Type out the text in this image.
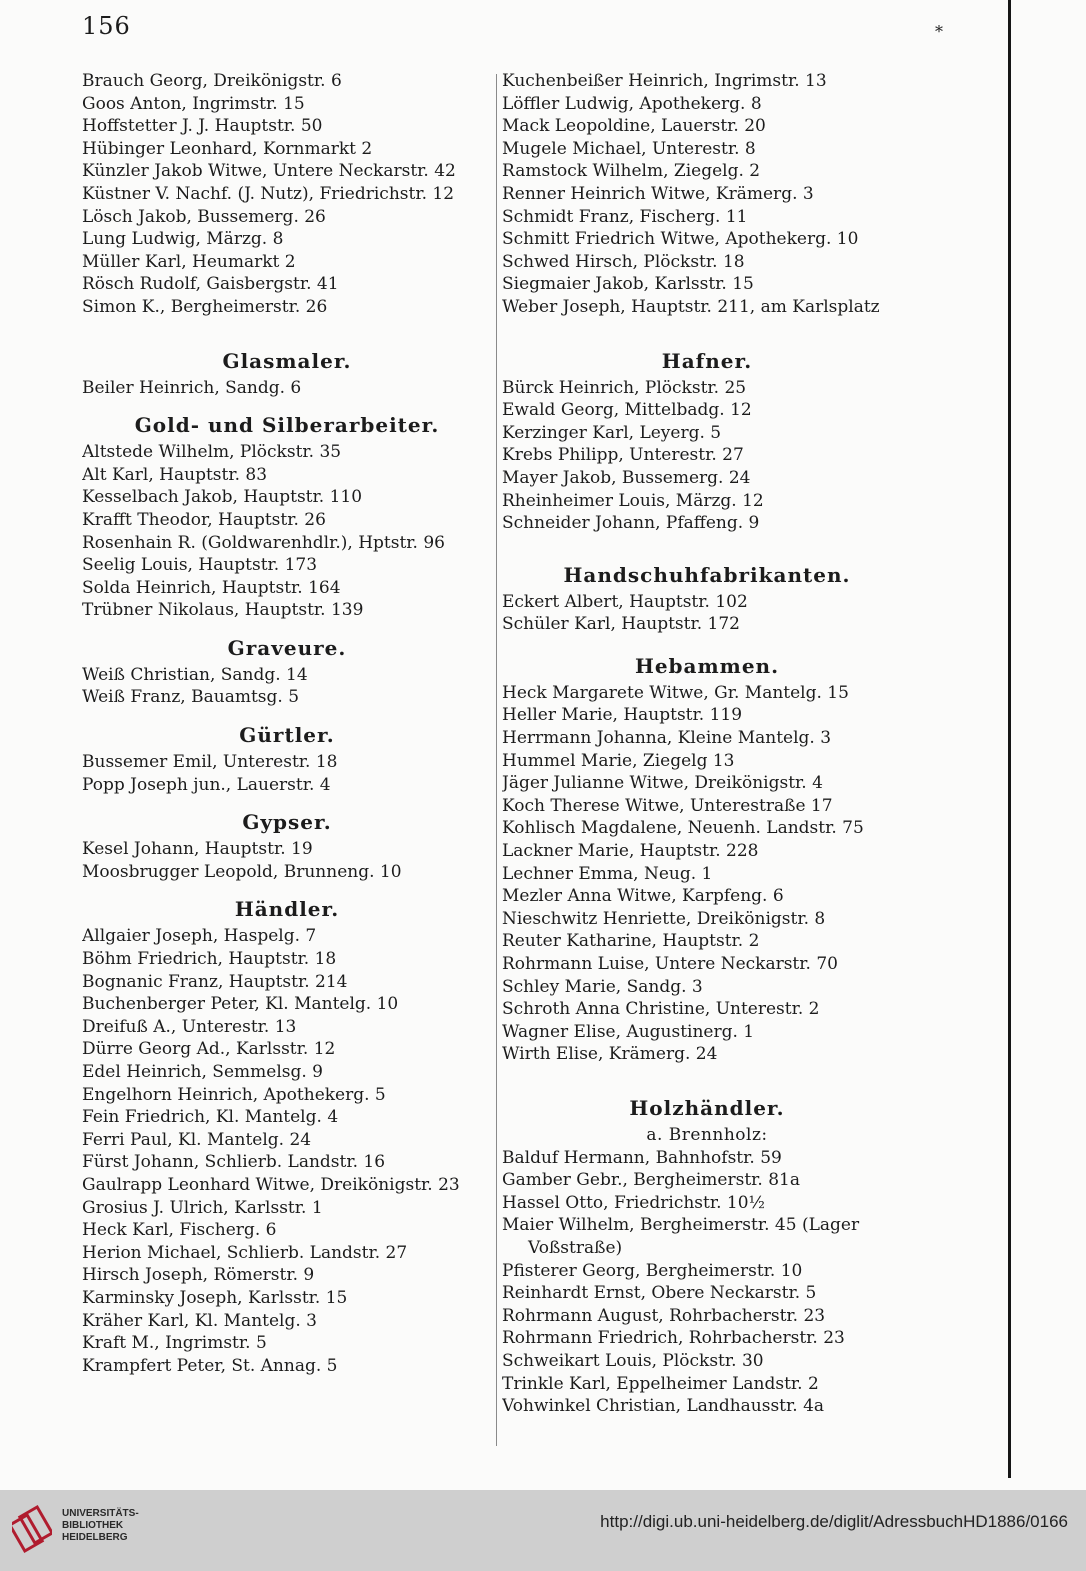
156	*
Brauch Georg, Dreikönigstr. 6
Goos Anton, Ingrimstr. 15
Hoffstetter J. J. Hauptstr. 50
Hübinger Leonhard, Kornmarkt 2
Künzler Jakob Witwe, Untere Neckarstr. 42
Küstner V. Nachf. (J. Nutz), Friedrichstr. 12
Lösch Jakob, Bussemerg. 26
Lung Ludwig, Märzg. 8
Müller Karl, Heumarkt 2
Rösch Rudolf, Gaisbergstr. 41
Simon K., Bergheimerstr. 26
Glasmaler.
Beiler Heinrich, Sandg. 6
Gold- und Silberarbeiter.
Altstede Wilhelm, Plöckstr. 35
Alt Karl, Hauptstr. 83
Kesselbach Jakob, Hauptstr. 110
Krafft Theodor, Hauptstr. 26
Rosenhain R. (Goldwarenhdlr.), Hptstr. 96
Seelig Louis, Hauptstr. 173
Solda Heinrich, Hauptstr. 164
Trübner Nikolaus, Hauptstr. 139
Graveure.
Weiß Christian, Sandg. 14
Weiß Franz, Bauamtsg. 5
Gürtler.
Bussemer Emil, Unterestr. 18
Popp Joseph jun., Lauerstr. 4
Gypser.
Kesel Johann, Hauptstr. 19
Moosbrugger Leopold, Brunneng. 10
Händler.
Allgaier Joseph, Haspelg. 7
Böhm Friedrich, Hauptstr. 18
Bognanic Franz, Hauptstr. 214
Buchenberger Peter, Kl. Mantelg. 10
Dreifuß A., Unterestr. 13
Dürre Georg Ad., Karlsstr. 12
Edel Heinrich, Semmelsg. 9
Engelhorn Heinrich, Apothekerg. 5
Fein Friedrich, Kl. Mantelg. 4
Ferri Paul, Kl. Mantelg. 24
Fürst Johann, Schlierb. Landstr. 16
Gaulrapp Leonhard Witwe, Dreikönigstr. 23
Grosius J. Ulrich, Karlsstr. 1
Heck Karl, Fischerg. 6
Herion Michael, Schlierb. Landstr. 27
Hirsch Joseph, Römerstr. 9
Karminsky Joseph, Karlsstr. 15
Kräher Karl, Kl. Mantelg. 3
Kraft M., Ingrimstr. 5
Krampfert Peter, St. Annag. 5
Kuchenbeißer Heinrich, Ingrimstr. 13
Löffler Ludwig, Apothekerg. 8
Mack Leopoldine, Lauerstr. 20
Mugele Michael, Unterestr. 8
Ramstock Wilhelm, Ziegelg. 2
Renner Heinrich Witwe, Krämerg. 3
Schmidt Franz, Fischerg. 11
Schmitt Friedrich Witwe, Apothekerg. 10
Schwed Hirsch, Plöckstr. 18
Siegmaier Jakob, Karlsstr. 15
Weber Joseph, Hauptstr. 211, am Karlsplatz
Hafner.
Bürck Heinrich, Plöckstr. 25
Ewald Georg, Mittelbadg. 12
Kerzinger Karl, Leyerg. 5
Krebs Philipp, Unterestr. 27
Mayer Jakob, Bussemerg. 24
Rheinheimer Louis, Märzg. 12
Schneider Johann, Pfaffeng. 9
Handschuhfabrikanten.
Eckert Albert, Hauptstr. 102
Schüler Karl, Hauptstr. 172
Hebammen.
Heck Margarete Witwe, Gr. Mantelg. 15
Heller Marie, Hauptstr. 119
Herrmann Johanna, Kleine Mantelg. 3
Hummel Marie, Ziegelg 13
Jäger Julianne Witwe, Dreikönigstr. 4
Koch Therese Witwe, Unterestraße 17
Kohlisch Magdalene, Neuenh. Landstr. 75
Lackner Marie, Hauptstr. 228
Lechner Emma, Neug. 1
Mezler Anna Witwe, Karpfeng. 6
Nieschwitz Henriette, Dreikönigstr. 8
Reuter Katharine, Hauptstr. 2
Rohrmann Luise, Untere Neckarstr. 70
Schley Marie, Sandg. 3
Schroth Anna Christine, Unterestr. 2
Wagner Elise, Augustinerg. 1
Wirth Elise, Krämerg. 24
Holzhändler.
a. Brennholz:
Balduf Hermann, Bahnhofstr. 59
Gamber Gebr., Bergheimerstr. 81a
Hassel Otto, Friedrichstr. 10½
Maier Wilhelm, Bergheimerstr. 45 (Lager
Voßstraße)
Pfisterer Georg, Bergheimerstr. 10
Reinhardt Ernst, Obere Neckarstr. 5
Rohrmann August, Rohrbacherstr. 23
Rohrmann Friedrich, Rohrbacherstr. 23
Schweikart Louis, Plöckstr. 30
Trinkle Karl, Eppelheimer Landstr. 2
Vohwinkel Christian, Landhausstr. 4a
UNIVERSITÄTS-
BIBLIOTHEK
HEIDELBERG
http://digi.ub.uni-heidelberg.de/diglit/AdressbuchHD1886/0166
